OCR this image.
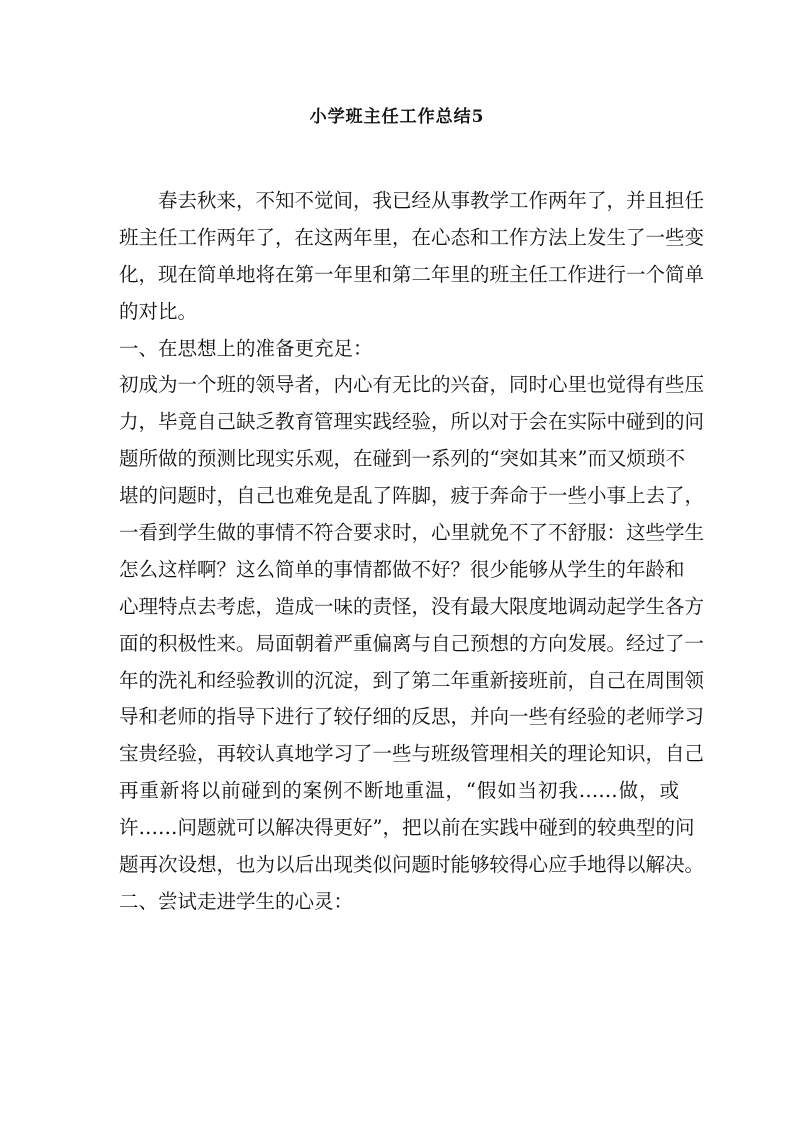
小学班主任工作总结5

春去秋来，不知不觉间，我已经从事教学工作两年了，并且担任

班主任工作两年了，在这两年里，在心态和工作方法上发生了一些变

化，现在简单地将在第一年里和第二年里的班主任工作进行一个简单

的对比。

一、在思想上的准备更充足：

初成为一个班的领导者，内心有无比的兴奋，同时心里也觉得有些压

力，毕竟自己缺乏教育管理实践经验，所以对于会在实际中碰到的问

题所做的预测比现实乐观，在碰到一系列的“突如其来”而又烦琐不

堪的问题时，自己也难免是乱了阵脚，疲于奔命于一些小事上去了，

一看到学生做的事情不符合要求时，心里就免不了不舒服：这些学生

怎么这样啊？这么简单的事情都做不好？很少能够从学生的年龄和

心理特点去考虑，造成一味的责怪，没有最大限度地调动起学生各方

面的积极性来。局面朝着严重偏离与自己预想的方向发展。经过了一

年的洗礼和经验教训的沉淀，到了第二年重新接班前，自己在周围领

导和老师的指导下进行了较仔细的反思，并向一些有经验的老师学习

宝贵经验，再较认真地学习了一些与班级管理相关的理论知识，自己

再重新将以前碰到的案例不断地重温，“假如当初我……做，或

许……问题就可以解决得更好”，把以前在实践中碰到的较典型的问

题再次设想，也为以后出现类似问题时能够较得心应手地得以解决。

二、尝试走进学生的心灵：
